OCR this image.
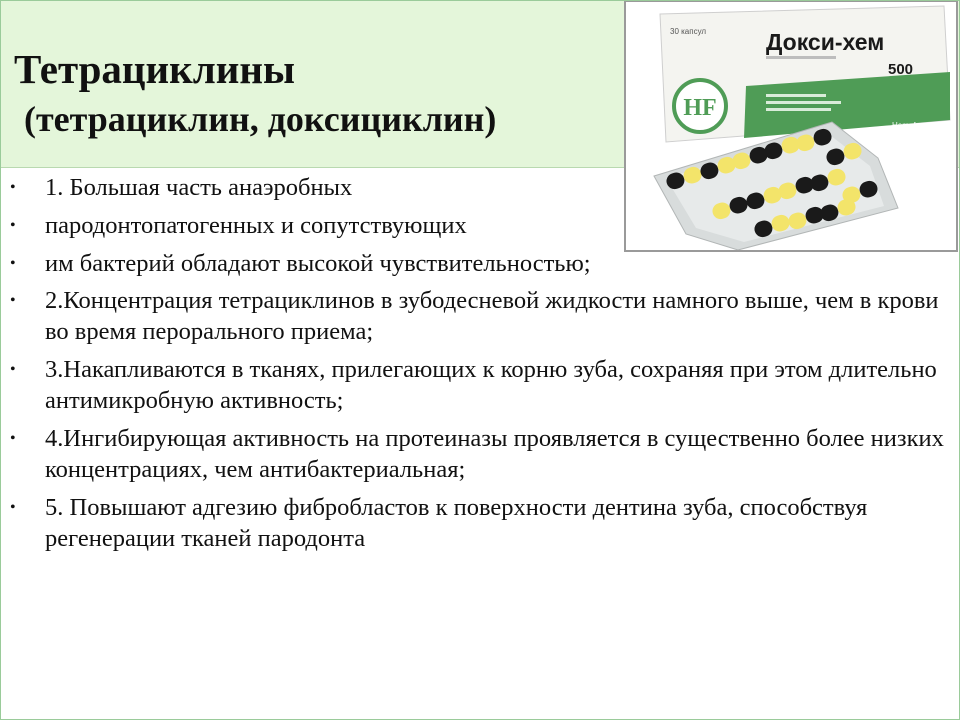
Тетрациклины
(тетрациклин, доксициклин)
30 капсул	Докси-хем
500
Hemofarm
HF
• 1. Большая часть анаэробных
• пародонтопатогенных и сопутствующих
• им бактерий обладают высокой чувствительностью;
• 2.Концентрация тетрациклинов в зубодесневой жидкости намного выше, чем в крови во время перорального приема;
• 3.Накапливаются в тканях, прилегающих к корню зуба, сохраняя при этом длительно антимикробную активность;
• 4.Ингибирующая активность на протеиназы проявляется в существенно более низких концентрациях, чем антибактериальная;
• 5. Повышают адгезию фибробластов к поверхности дентина зуба, способствуя регенерации тканей пародонта
